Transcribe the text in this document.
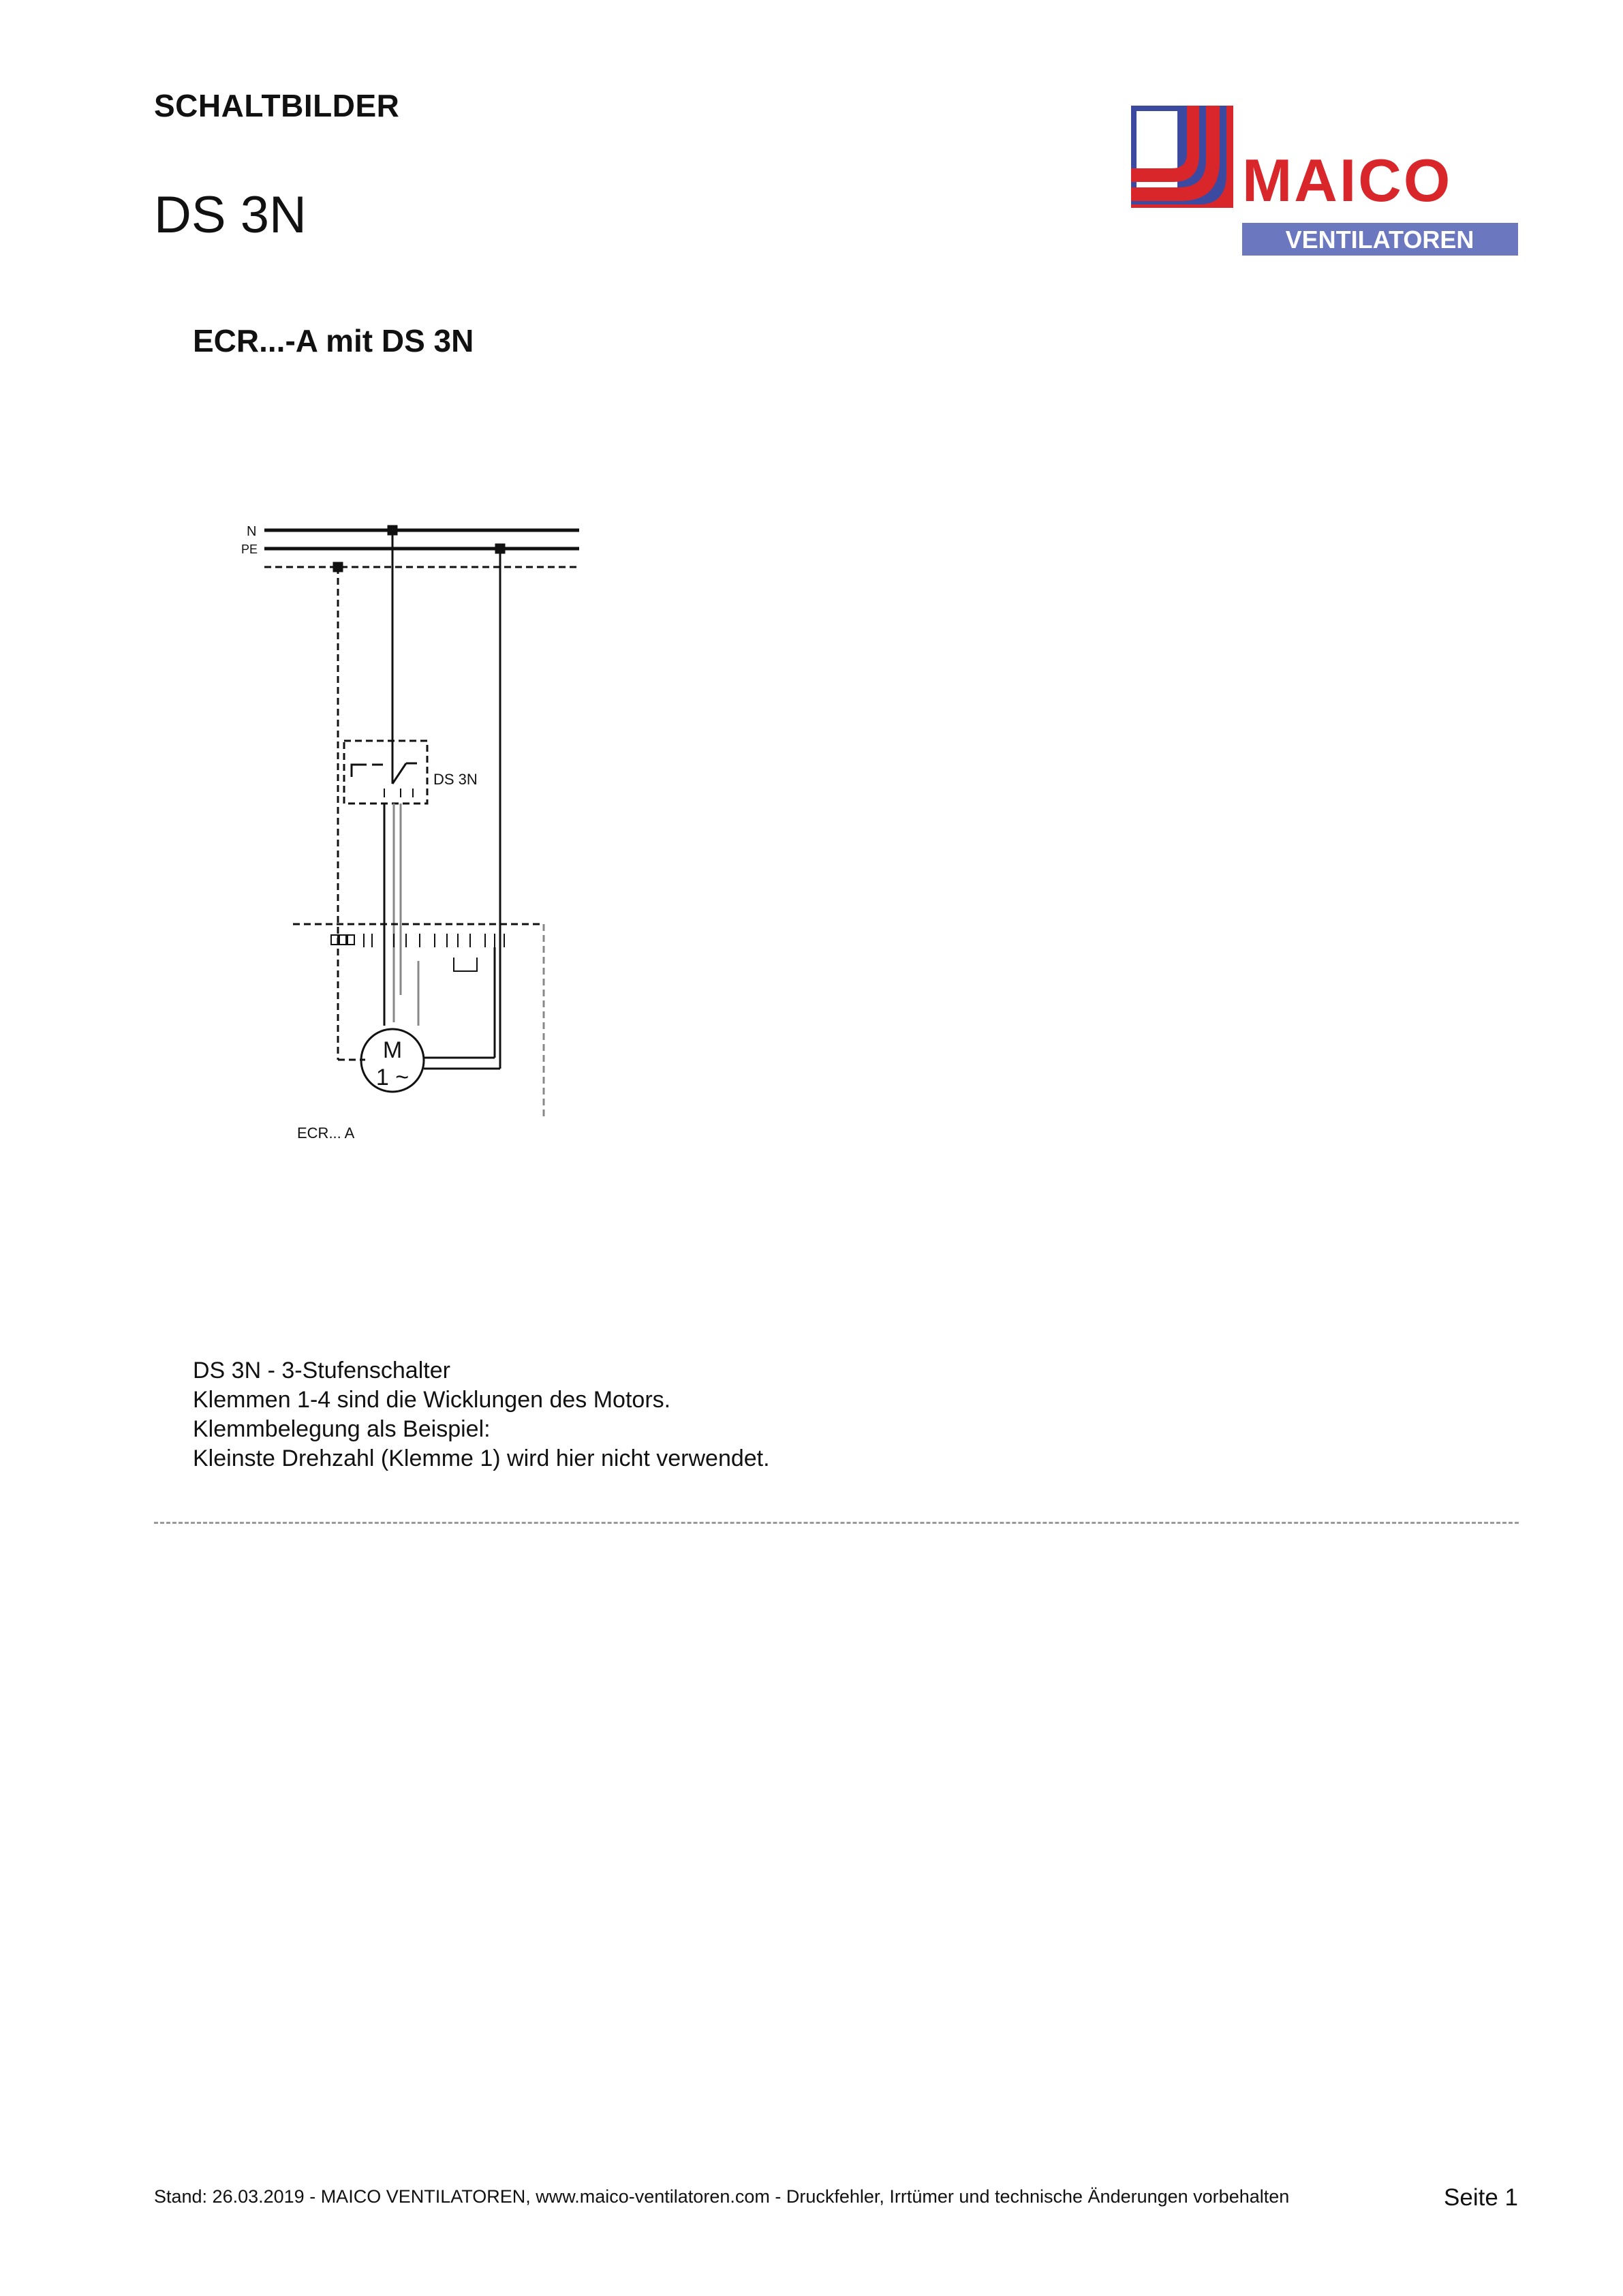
SCHALTBILDER
DS 3N
MAICO
VENTILATOREN
ECR...-A mit DS 3N
N
PE
DS 3N
M
1 ~
ECR... A
DS 3N - 3-Stufenschalter
Klemmen 1-4 sind die Wicklungen des Motors.
Klemmbelegung als Beispiel:
Kleinste Drehzahl (Klemme 1) wird hier nicht verwendet.
Stand: 26.03.2019 - MAICO VENTILATOREN, www.maico-ventilatoren.com - Druckfehler, Irrtümer und technische Änderungen vorbehalten	Seite 1
